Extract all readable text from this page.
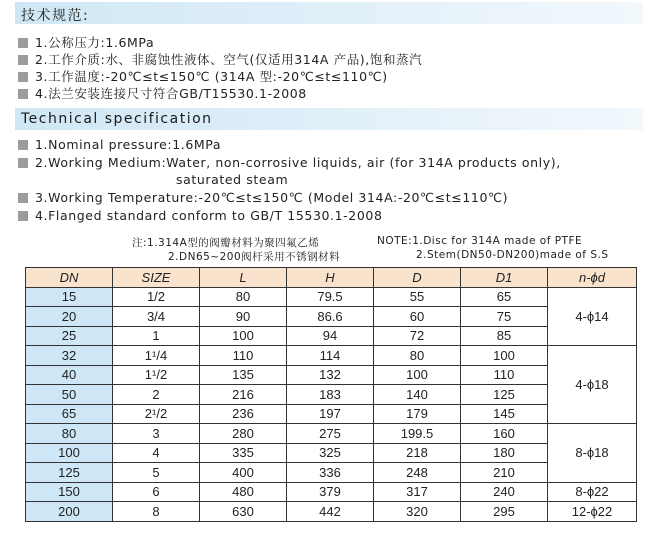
技术规范:
1.公称压力:1.6MPa
2.工作介质:水、非腐蚀性液体、空气(仅适用314A 产品),饱和蒸汽
3.工作温度:-20℃≤t≤150℃ (314A 型:-20℃≤t≤110℃)
4.法兰安装连接尺寸符合GB/T15530.1-2008
Technical specification
1.Nominal pressure:1.6MPa
2.Working Medium:Water, non-corrosive liquids, air (for 314A products only),
saturated steam
3.Working Temperature:-20℃≤t≤150℃ (Model 314A:-20℃≤t≤110℃)
4.Flanged standard conform to GB/T 15530.1-2008
注:1.314A型的阀瓣材料为聚四氟乙烯
2.DN65~200阀杆采用不锈钢材料
NOTE:1.Disc for 314A made of PTFE
2.Stem(DN50-DN200)made of S.S
DN	SIZE	L	H	D	D1	n-ϕd
15	1/2	80	79.5	55	65	4-ϕ14
20	3/4	90	86.6	60	75	
25	1	100	94	72	85	
32	1¹/4	110	114	80	100	4-ϕ18
40	1¹/2	135	132	100	110	
50	2	216	183	140	125	
65	2¹/2	236	197	179	145	
80	3	280	275	199.5	160	8-ϕ18
100	4	335	325	218	180	
125	5	400	336	248	210	
150	6	480	379	317	240	8-ϕ22
200	8	630	442	320	295	12-ϕ22
